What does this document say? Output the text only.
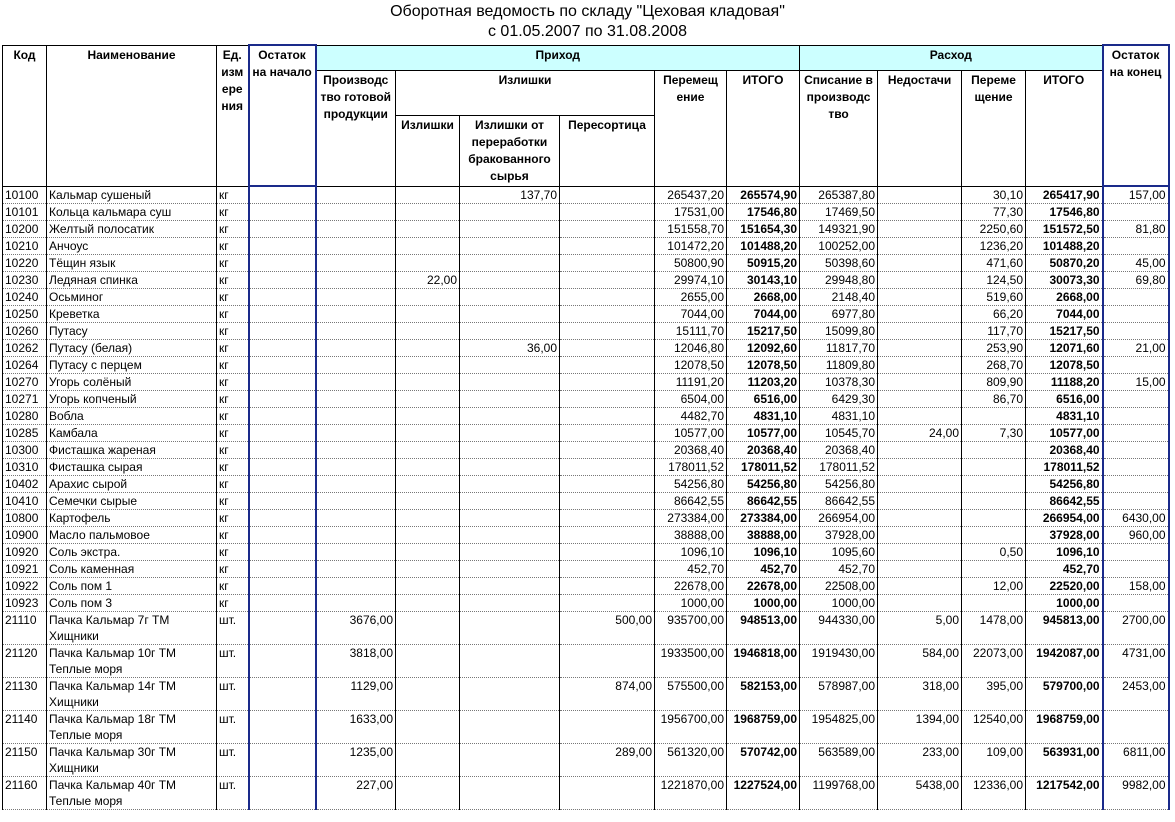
Оборотная ведомость по складу "Цеховая кладовая"
с 01.05.2007 по 31.08.2008
Код	Наименование	Ед. изм ере ния	Остаток на начало	Приход						Расход				Остаток на конец
				Производс тво готовой продукции	Излишки			Перемещ ение	ИТОГО	Списание в производс тво	Недостачи	Переме щение	ИТОГО	
					Излишки	Излишки от переработки бракованного сырья	Пересортица							
10100	Кальмар сушеный	кг				137,70		265437,20	265574,90	265387,80		30,10	265417,90	157,00
10101	Кольца кальмара суш	кг						17531,00	17546,80	17469,50		77,30	17546,80	
10200	Желтый полосатик	кг						151558,70	151654,30	149321,90		2250,60	151572,50	81,80
10210	Анчоус	кг						101472,20	101488,20	100252,00		1236,20	101488,20	
10220	Тёщин язык	кг						50800,90	50915,20	50398,60		471,60	50870,20	45,00
10230	Ледяная спинка	кг			22,00			29974,10	30143,10	29948,80		124,50	30073,30	69,80
10240	Осьминог	кг						2655,00	2668,00	2148,40		519,60	2668,00	
10250	Креветка	кг						7044,00	7044,00	6977,80		66,20	7044,00	
10260	Путасу	кг						15111,70	15217,50	15099,80		117,70	15217,50	
10262	Путасу (белая)	кг				36,00		12046,80	12092,60	11817,70		253,90	12071,60	21,00
10264	Путасу с перцем	кг						12078,50	12078,50	11809,80		268,70	12078,50	
10270	Угорь солёный	кг						11191,20	11203,20	10378,30		809,90	11188,20	15,00
10271	Угорь копченый	кг						6504,00	6516,00	6429,30		86,70	6516,00	
10280	Вобла	кг						4482,70	4831,10	4831,10			4831,10	
10285	Камбала	кг						10577,00	10577,00	10545,70	24,00	7,30	10577,00	
10300	Фисташка жареная	кг						20368,40	20368,40	20368,40			20368,40	
10310	Фисташка сырая	кг						178011,52	178011,52	178011,52			178011,52	
10402	Арахис сырой	кг						54256,80	54256,80	54256,80			54256,80	
10410	Семечки сырые	кг						86642,55	86642,55	86642,55			86642,55	
10800	Картофель	кг						273384,00	273384,00	266954,00			266954,00	6430,00
10900	Масло пальмовое	кг						38888,00	38888,00	37928,00			37928,00	960,00
10920	Соль экстра.	кг						1096,10	1096,10	1095,60		0,50	1096,10	
10921	Соль каменная	кг						452,70	452,70	452,70			452,70	
10922	Соль пом 1	кг						22678,00	22678,00	22508,00		12,00	22520,00	158,00
10923	Соль пом 3	кг						1000,00	1000,00	1000,00			1000,00	
21110	Пачка Кальмар 7г ТМ Хищники	шт.		3676,00			500,00	935700,00	948513,00	944330,00	5,00	1478,00	945813,00	2700,00
21120	Пачка Кальмар 10г ТМ Теплые моря	шт.		3818,00				1933500,00	1946818,00	1919430,00	584,00	22073,00	1942087,00	4731,00
21130	Пачка Кальмар 14г ТМ Хищники	шт.		1129,00			874,00	575500,00	582153,00	578987,00	318,00	395,00	579700,00	2453,00
21140	Пачка Кальмар 18г ТМ Теплые моря	шт.		1633,00				1956700,00	1968759,00	1954825,00	1394,00	12540,00	1968759,00	
21150	Пачка Кальмар 30г ТМ Хищники	шт.		1235,00			289,00	561320,00	570742,00	563589,00	233,00	109,00	563931,00	6811,00
21160	Пачка Кальмар 40г ТМ Теплые моря	шт.		227,00				1221870,00	1227524,00	1199768,00	5438,00	12336,00	1217542,00	9982,00
